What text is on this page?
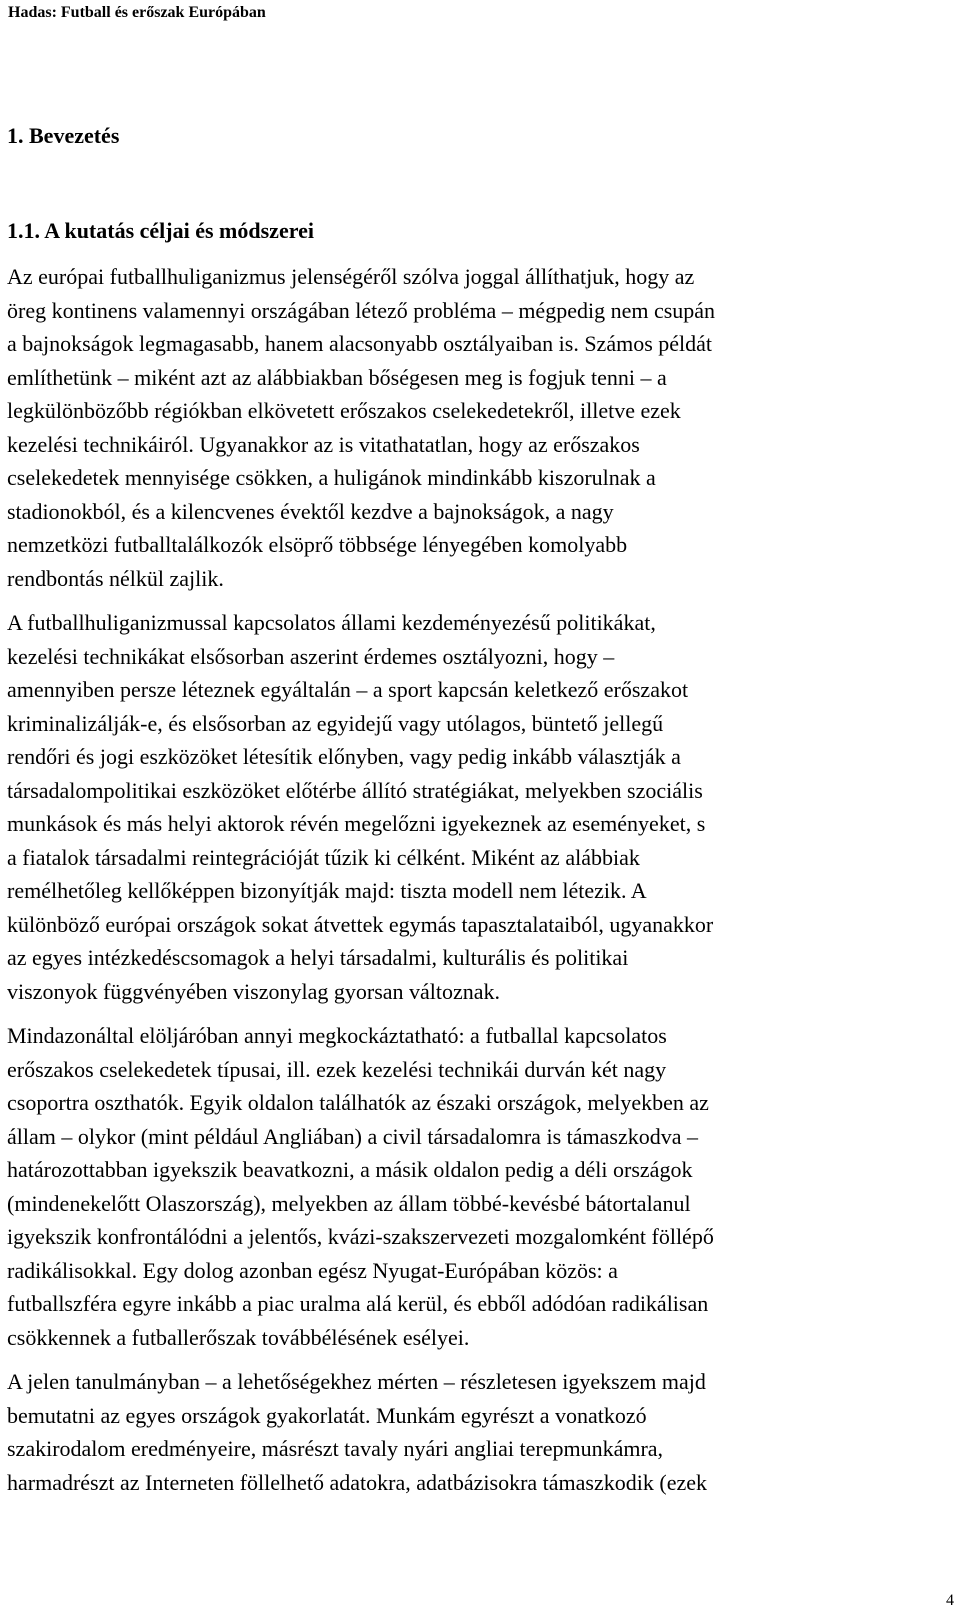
Hadas: Futball és erőszak Európában
1. Bevezetés
1.1. A kutatás céljai és módszerei

Az európai futballhuliganizmus jelenségéről szólva joggal állíthatjuk, hogy az
öreg kontinens valamennyi országában létező probléma – mégpedig nem csupán
a bajnokságok legmagasabb, hanem alacsonyabb osztályaiban is. Számos példát
említhetünk – miként azt az alábbiakban bőségesen meg is fogjuk tenni – a
legkülönbözőbb régiókban elkövetett erőszakos cselekedetekről, illetve ezek
kezelési technikáiról. Ugyanakkor az is vitathatatlan, hogy az erőszakos
cselekedetek mennyisége csökken, a huligánok mindinkább kiszorulnak a
stadionokból, és a kilencvenes évektől kezdve a bajnokságok, a nagy
nemzetközi futballtalálkozók elsöprő többsége lényegében komolyabb
rendbontás nélkül zajlik.

A futballhuliganizmussal kapcsolatos állami kezdeményezésű politikákat,
kezelési technikákat elsősorban aszerint érdemes osztályozni, hogy –
amennyiben persze léteznek egyáltalán – a sport kapcsán keletkező erőszakot
kriminalizálják-e, és elsősorban az egyidejű vagy utólagos, büntető jellegű
rendőri és jogi eszközöket létesítik előnyben, vagy pedig inkább választják a
társadalompolitikai eszközöket előtérbe állító stratégiákat, melyekben szociális
munkások és más helyi aktorok révén megelőzni igyekeznek az eseményeket, s
a fiatalok társadalmi reintegrációját tűzik ki célként. Miként az alábbiak
remélhetőleg kellőképpen bizonyítják majd: tiszta modell nem létezik. A
különböző európai országok sokat átvettek egymás tapasztalataiból, ugyanakkor
az egyes intézkedéscsomagok a helyi társadalmi, kulturális és politikai
viszonyok függvényében viszonylag gyorsan változnak.

Mindazonáltal elöljáróban annyi megkockáztatható: a futballal kapcsolatos
erőszakos cselekedetek típusai, ill. ezek kezelési technikái durván két nagy
csoportra oszthatók. Egyik oldalon találhatók az északi országok, melyekben az
állam – olykor (mint például Angliában) a civil társadalomra is támaszkodva –
határozottabban igyekszik beavatkozni, a másik oldalon pedig a déli országok
(mindenekelőtt Olaszország), melyekben az állam többé-kevésbé bátortalanul
igyekszik konfrontálódni a jelentős, kvázi-szakszervezeti mozgalomként föllépő
radikálisokkal. Egy dolog azonban egész Nyugat-Európában közös: a
futballszféra egyre inkább a piac uralma alá kerül, és ebből adódóan radikálisan
csökkennek a futballerőszak továbbélésének esélyei.

A jelen tanulmányban – a lehetőségekhez mérten – részletesen igyekszem majd
bemutatni az egyes országok gyakorlatát. Munkám egyrészt a vonatkozó
szakirodalom eredményeire, másrészt tavaly nyári angliai terepmunkámra,
harmadrészt az Interneten föllelhető adatokra, adatbázisokra támaszkodik (ezek

4
